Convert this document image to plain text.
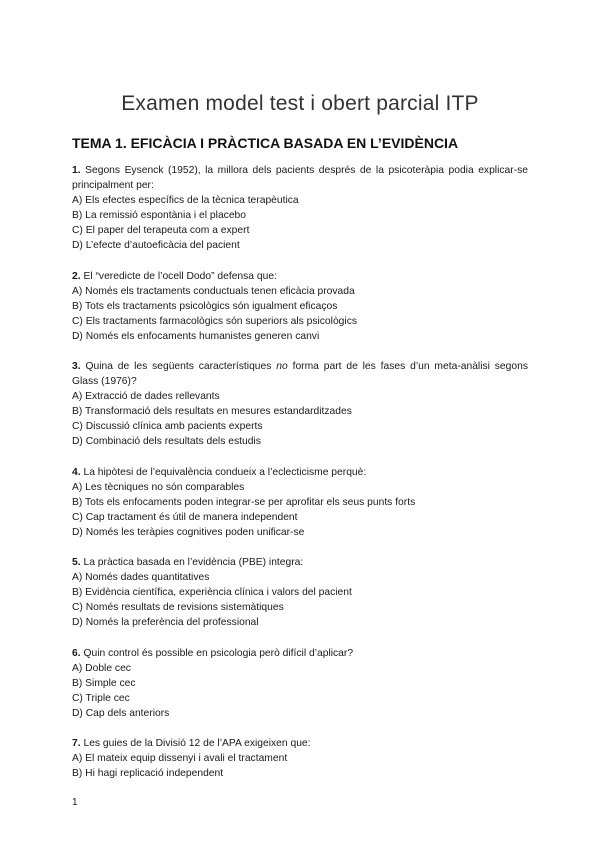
Examen model test i obert parcial ITP
TEMA 1. EFICÀCIA I PRÀCTICA BASADA EN L’EVIDÈNCIA

1. Segons Eysenck (1952), la millora dels pacients després de la psicoteràpia podia explicar-se principalment per:

A) Els efectes específics de la tècnica terapèutica
B) La remissió espontània i el placebo
C) El paper del terapeuta com a expert
D) L’efecte d’autoeficàcia del pacient

2. El “veredicte de l’ocell Dodo” defensa que:

A) Només els tractaments conductuals tenen eficàcia provada
B) Tots els tractaments psicològics són igualment eficaços
C) Els tractaments farmacològics són superiors als psicològics
D) Només els enfocaments humanistes generen canvi

3. Quina de les següents característiques no forma part de les fases d’un meta-anàlisi segons Glass (1976)?

A) Extracció de dades rellevants
B) Transformació dels resultats en mesures estandarditzades
C) Discussió clínica amb pacients experts
D) Combinació dels resultats dels estudis

4. La hipòtesi de l’equivalència condueix a l’eclecticisme perquè:

A) Les tècniques no són comparables
B) Tots els enfocaments poden integrar-se per aprofitar els seus punts forts
C) Cap tractament és útil de manera independent
D) Només les teràpies cognitives poden unificar-se

5. La pràctica basada en l’evidència (PBE) integra:

A) Només dades quantitatives
B) Evidència científica, experiència clínica i valors del pacient
C) Només resultats de revisions sistemàtiques
D) Només la preferència del professional

6. Quin control és possible en psicologia però difícil d’aplicar?

A) Doble cec
B) Simple cec
C) Triple cec
D) Cap dels anteriors

7. Les guies de la Divisió 12 de l’APA exigeixen que:

A) El mateix equip dissenyi i avali el tractament
B) Hi hagi replicació independent
1
